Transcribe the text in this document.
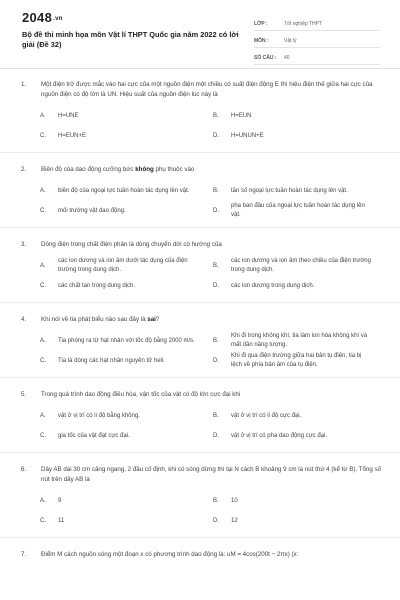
$2048^{.vn}$
Bộ đề thi minh họa môn Vật lí THPT Quốc gia năm 2022 có lời giải (Đề 32)
LỚP :	Tốt nghiệp THPT
MÔN :	Vật lý
SỐ CÂU :	40
1.	Một điện trở được mắc vào hai cực của một nguồn điện một chiều có suất điện động E thì hiệu điện thế giữa hai cực của nguồn điện có độ lớn là UN. Hiệu suất của nguồn điện lúc này là
A.	H=UNE	B.	H=EUN
C.	H=EUN+E	D.	H=UNUN+E
2.	Biên độ của dao động cưỡng bức không phụ thuộc vào
A.	biên độ của ngoại lực tuần hoàn tác dụng lên vật.	B.	tần số ngoại lực tuần hoàn tác dụng lên vật.
C.	môi trường vật dao động.	D.
pha ban đầu của ngoại lực tuần hoàn tác dụng lên vật.
3.	Dòng điện trong chất điện phân là dòng chuyển dời có hướng của
A.
các ion dương và ion âm dưới tác dụng của điện trường trong dung dịch.
B.
các ion dương và ion âm theo chiều của điện trường trong dung dịch.
C.	các chất tan trong dung dịch.	D.	các ion dương trong dung dịch.
4.	Khi nói về tia phát biểu nào sau đây là sai?
A.	Tia phóng ra từ hạt nhân với tốc độ bằng 2000 m/s.	B.
Khi đi trong không khí, tia làm ion hóa không khí và mất dần năng lượng.
C.	Tia là dòng các hạt nhân nguyên tử heli.	D.
Khi đi qua điện trường giữa hai bản tụ điện, tia bị lệch về phía bản âm của tụ điện.
5.	Trong quá trình dao động điều hòa, vận tốc của vật có độ lớn cực đại khi
A.	vật ở vị trí có li độ bằng không.	B.	vật ở vị trí có li độ cực đại.
C.	gia tốc của vật đạt cực đại.	D.	vật ở vị trí có pha dao động cực đại.
6.	Dây AB dài 30 cm căng ngang, 2 đầu cố định, khi có sóng dừng thì tại N cách B khoảng 9 cm là nút thứ 4 (kể từ B). Tổng số nút trên dây AB là
A.	9	B.	10
C.	11	D.	12
7.	Điểm M cách nguồn sóng một đoạn x có phương trình dao động là: uM = 4cos(200t − 2πx) (x:
